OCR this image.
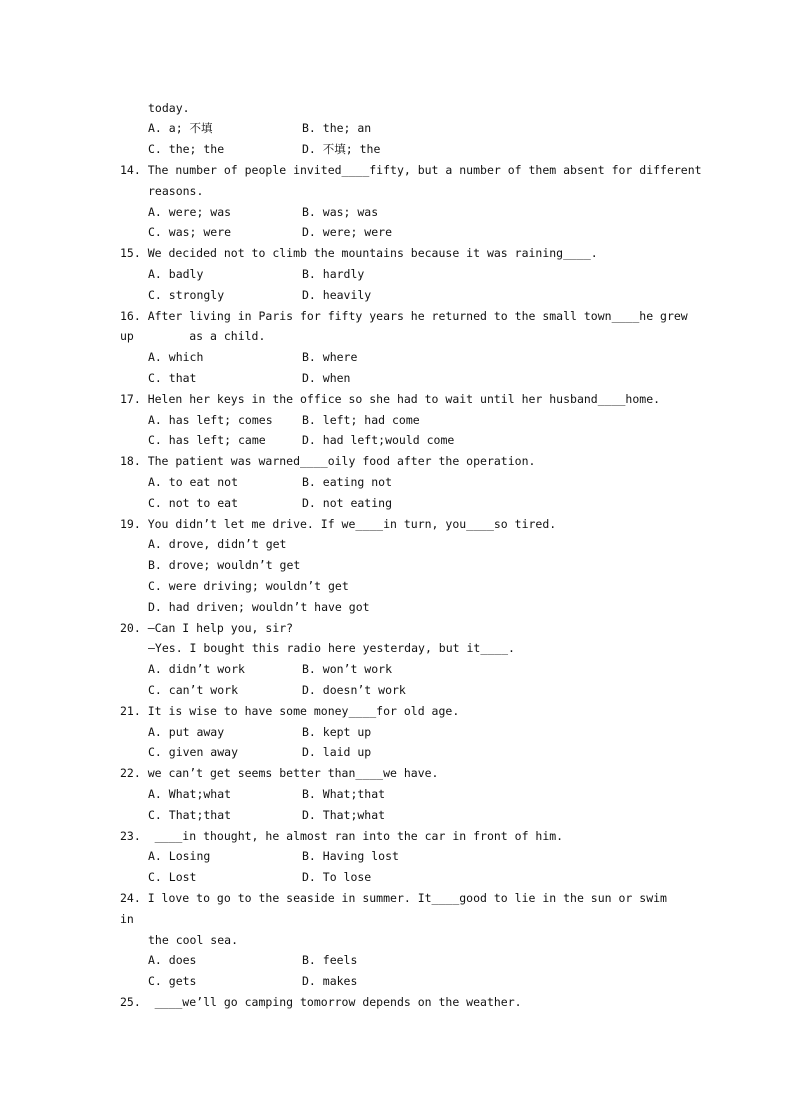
today.
A. a; 不填	B. the; an
C. the; the	D. 不填; the
14. The number of people invited____fifty, but a number of them absent for different
reasons.
A. were; was	B. was; was
C. was; were	D. were; were
15. We decided not to climb the mountains because it was raining____.
A. badly	B. hardly
C. strongly	D. heavily
16. After living in Paris for fifty years he returned to the small town____he grew
up        as a child.
A. which	B. where
C. that	D. when
17. Helen her keys in the office so she had to wait until her husband____home.
A. has left; comes	B. left; had come
C. has left; came	D. had left;would come
18. The patient was warned____oily food after the operation.
A. to eat not	B. eating not
C. not to eat	D. not eating
19. You didn’t let me drive. If we____in turn, you____so tired.
A. drove, didn’t get
B. drove; wouldn’t get
C. were driving; wouldn’t get
D. had driven; wouldn’t have got
20. —Can I help you, sir?
—Yes. I bought this radio here yesterday, but it____.
A. didn’t work	B. won’t work
C. can’t work	D. doesn’t work
21. It is wise to have some money____for old age.
A. put away	B. kept up
C. given away	D. laid up
22. we can’t get seems better than____we have.
A. What;what	B. What;that
C. That;that	D. That;what
23.  ____in thought, he almost ran into the car in front of him.
A. Losing	B. Having lost
C. Lost	D. To lose
24. I love to go to the seaside in summer. It____good to lie in the sun or swim
in
the cool sea.
A. does	B. feels
C. gets	D. makes
25.  ____we’ll go camping tomorrow depends on the weather.
